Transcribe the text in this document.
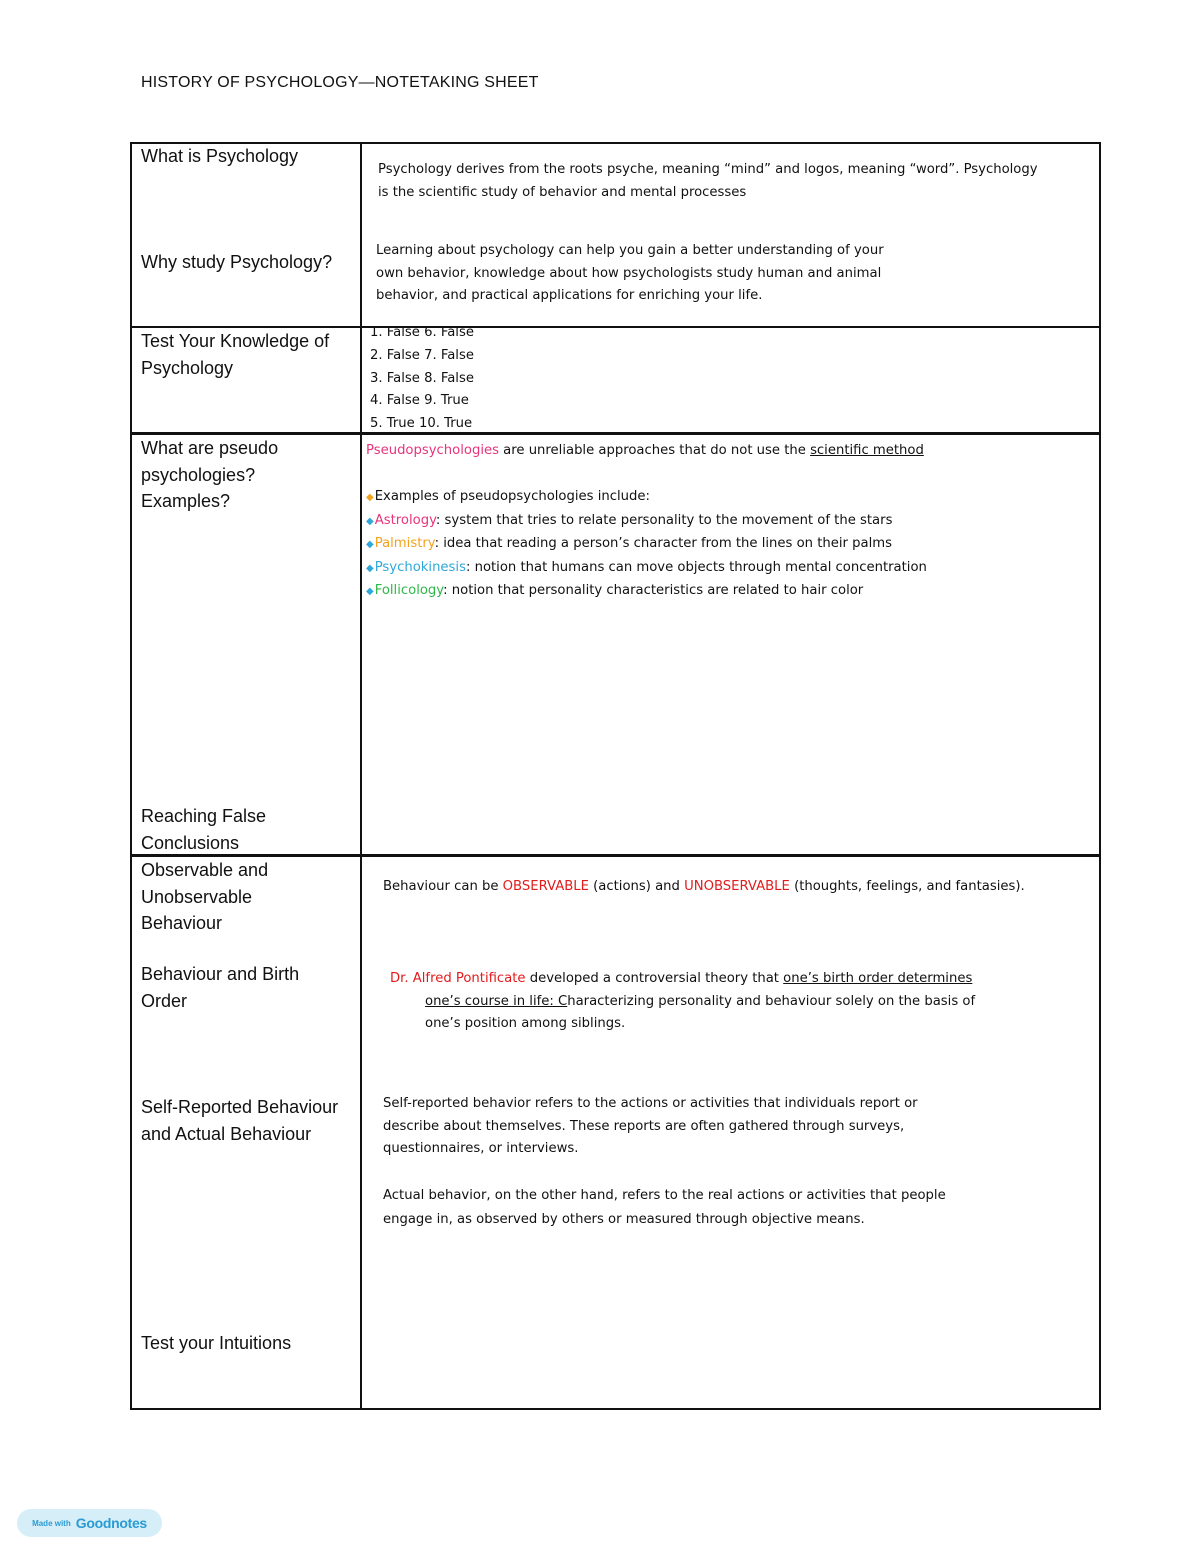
HISTORY OF PSYCHOLOGY—NOTETAKING SHEET
What is Psychology
Why study Psychology?
Test Your Knowledge of Psychology
What are pseudo psychologies? Examples?
Reaching False Conclusions
Observable and Unobservable Behaviour
Behaviour and Birth Order
Self-Reported Behaviour and Actual Behaviour
Test your Intuitions
Psychology derives from the roots psyche, meaning “mind” and logos, meaning “word”. Psychology
is the scientific study of behavior and mental processes
Learning about psychology can help you gain a better understanding of your
own behavior, knowledge about how psychologists study human and animal
behavior, and practical applications for enriching your life.
1. False 6. False
2. False 7. False
3. False 8. False
4. False 9. True
5. True 10. True
Pseudopsychologies are unreliable approaches that do not use the scientific method
◆Examples of pseudopsychologies include:
◆Astrology: system that tries to relate personality to the movement of the stars
◆Palmistry: idea that reading a person’s character from the lines on their palms
◆Psychokinesis: notion that humans can move objects through mental concentration
◆Follicology: notion that personality characteristics are related to hair color
Behaviour can be OBSERVABLE (actions) and UNOBSERVABLE (thoughts, feelings, and fantasies).
Dr. Alfred Pontificate developed a controversial theory that one’s birth order determines
one’s course in life: Characterizing personality and behaviour solely on the basis of
one’s position among siblings.
Self-reported behavior refers to the actions or activities that individuals report or
describe about themselves. These reports are often gathered through surveys,
questionnaires, or interviews.
Actual behavior, on the other hand, refers to the real actions or activities that people
engage in, as observed by others or measured through objective means.
Made with Goodnotes
